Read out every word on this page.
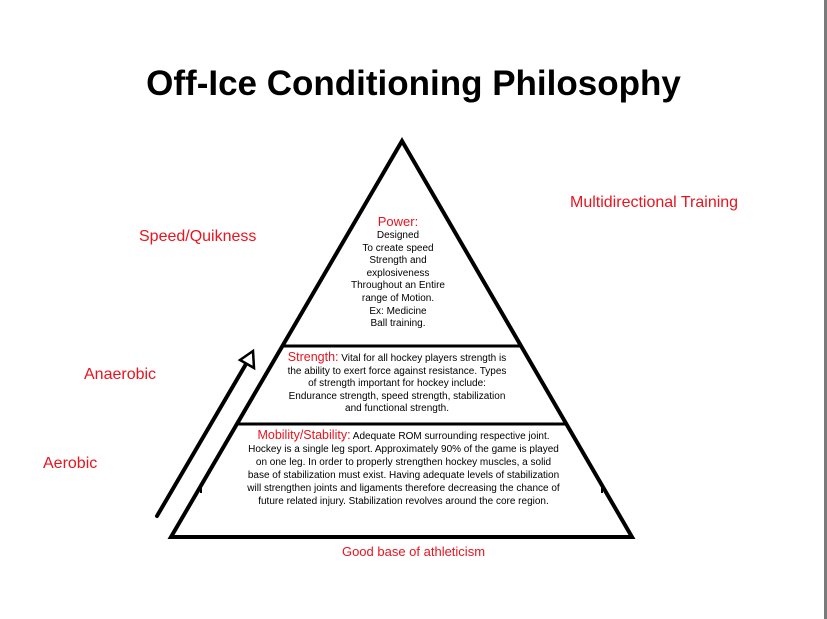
Off-Ice Conditioning Philosophy
Speed/Quikness
Multidirectional Training
Anaerobic
Aerobic
Power:
Designed
To create speed
Strength and
explosiveness
Throughout an Entire
range of Motion.
Ex: Medicine
Ball training.
Strength: Vital for all hockey players strength is the ability to exert force against resistance. Types of strength important for hockey include: Endurance strength, speed strength, stabilization and functional strength.
Mobility/Stability: Adequate ROM surrounding respective joint. Hockey is a single leg sport. Approximately 90% of the game is played on one leg. In order to properly strengthen hockey muscles, a solid base of stabilization must exist. Having adequate levels of stabilization will strengthen joints and ligaments therefore decreasing the chance of future related injury. Stabilization revolves around the core region.
Good base of athleticism
